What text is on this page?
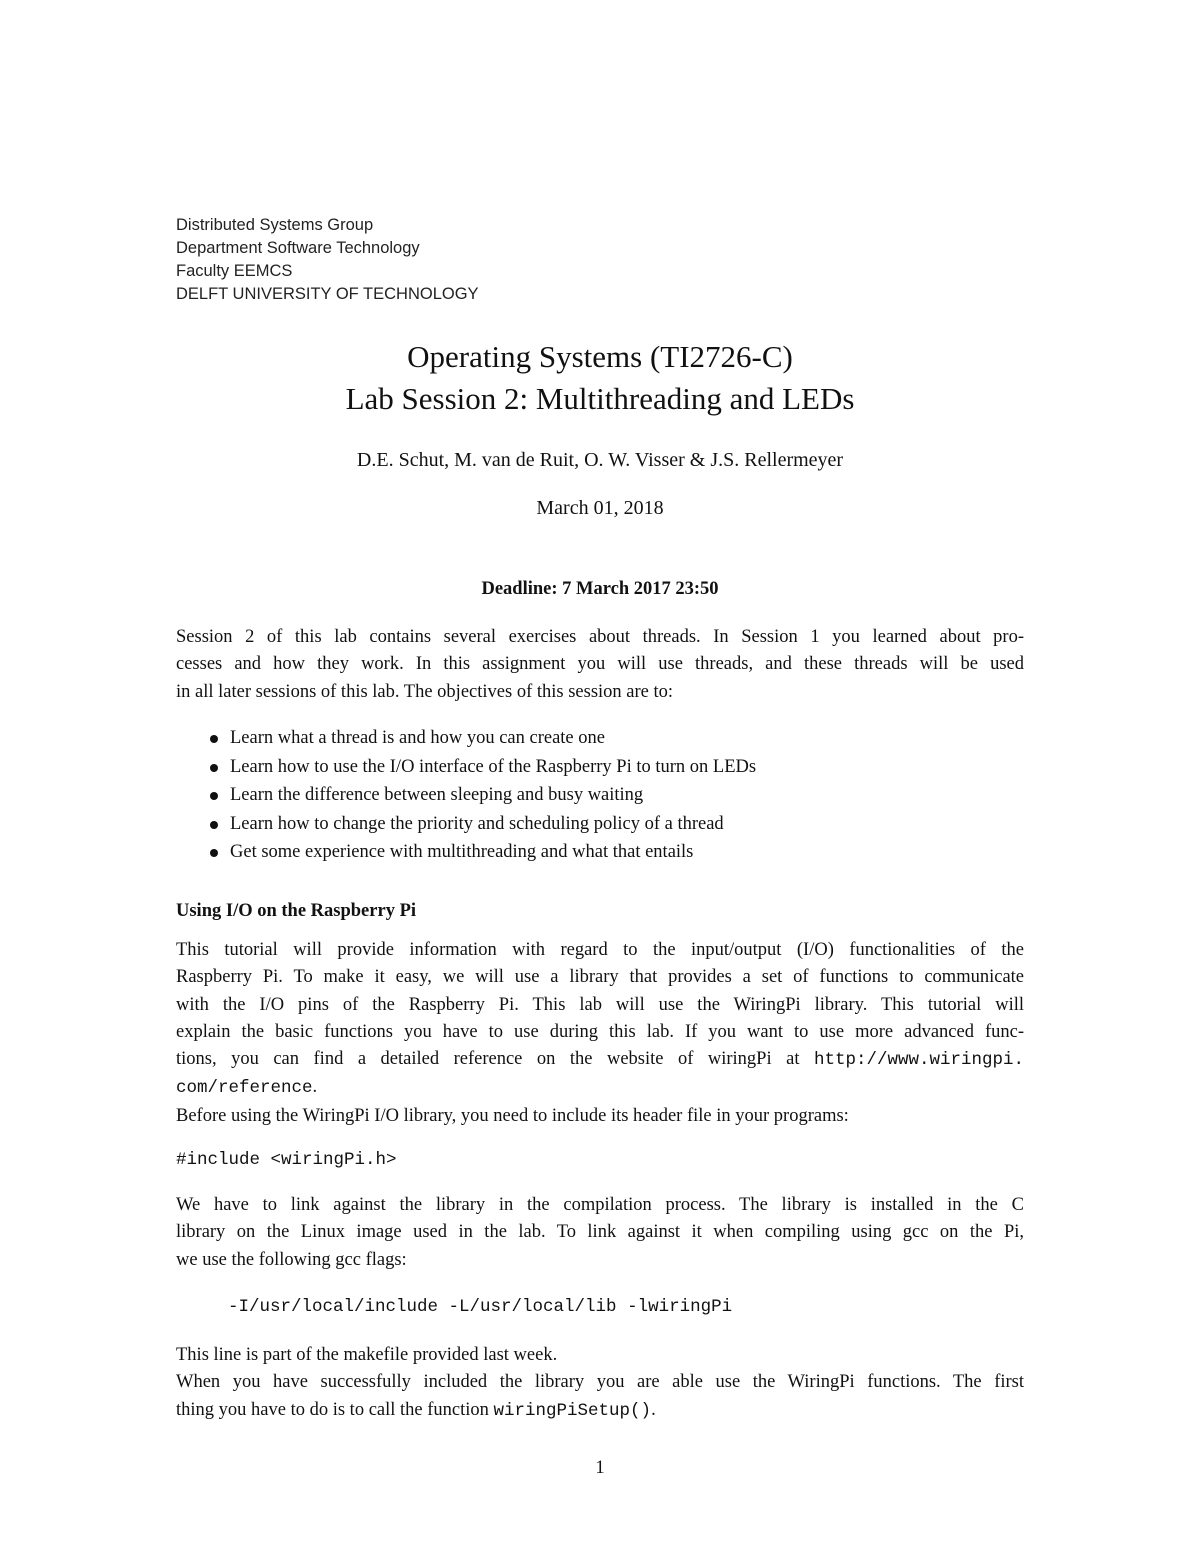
Distributed Systems Group
Department Software Technology
Faculty EEMCS
DELFT UNIVERSITY OF TECHNOLOGY
Operating Systems (TI2726-C)
Lab Session 2: Multithreading and LEDs
D.E. Schut, M. van de Ruit, O. W. Visser & J.S. Rellermeyer
March 01, 2018
Deadline: 7 March 2017 23:50
Session 2 of this lab contains several exercises about threads. In Session 1 you learned about pro-
cesses and how they work. In this assignment you will use threads, and these threads will be used
in all later sessions of this lab. The objectives of this session are to:
Learn what a thread is and how you can create one
Learn how to use the I/O interface of the Raspberry Pi to turn on LEDs
Learn the difference between sleeping and busy waiting
Learn how to change the priority and scheduling policy of a thread
Get some experience with multithreading and what that entails
Using I/O on the Raspberry Pi
This tutorial will provide information with regard to the input/output (I/O) functionalities of the
Raspberry Pi. To make it easy, we will use a library that provides a set of functions to communicate
with the I/O pins of the Raspberry Pi. This lab will use the WiringPi library. This tutorial will
explain the basic functions you have to use during this lab. If you want to use more advanced func-
tions, you can find a detailed reference on the website of wiringPi at http://www.wiringpi.
com/reference.
Before using the WiringPi I/O library, you need to include its header file in your programs:
#include <wiringPi.h>
We have to link against the library in the compilation process. The library is installed in the C
library on the Linux image used in the lab. To link against it when compiling using gcc on the Pi,
we use the following gcc flags:
-I/usr/local/include -L/usr/local/lib -lwiringPi
This line is part of the makefile provided last week.
When you have successfully included the library you are able use the WiringPi functions. The first
thing you have to do is to call the function wiringPiSetup().
1
